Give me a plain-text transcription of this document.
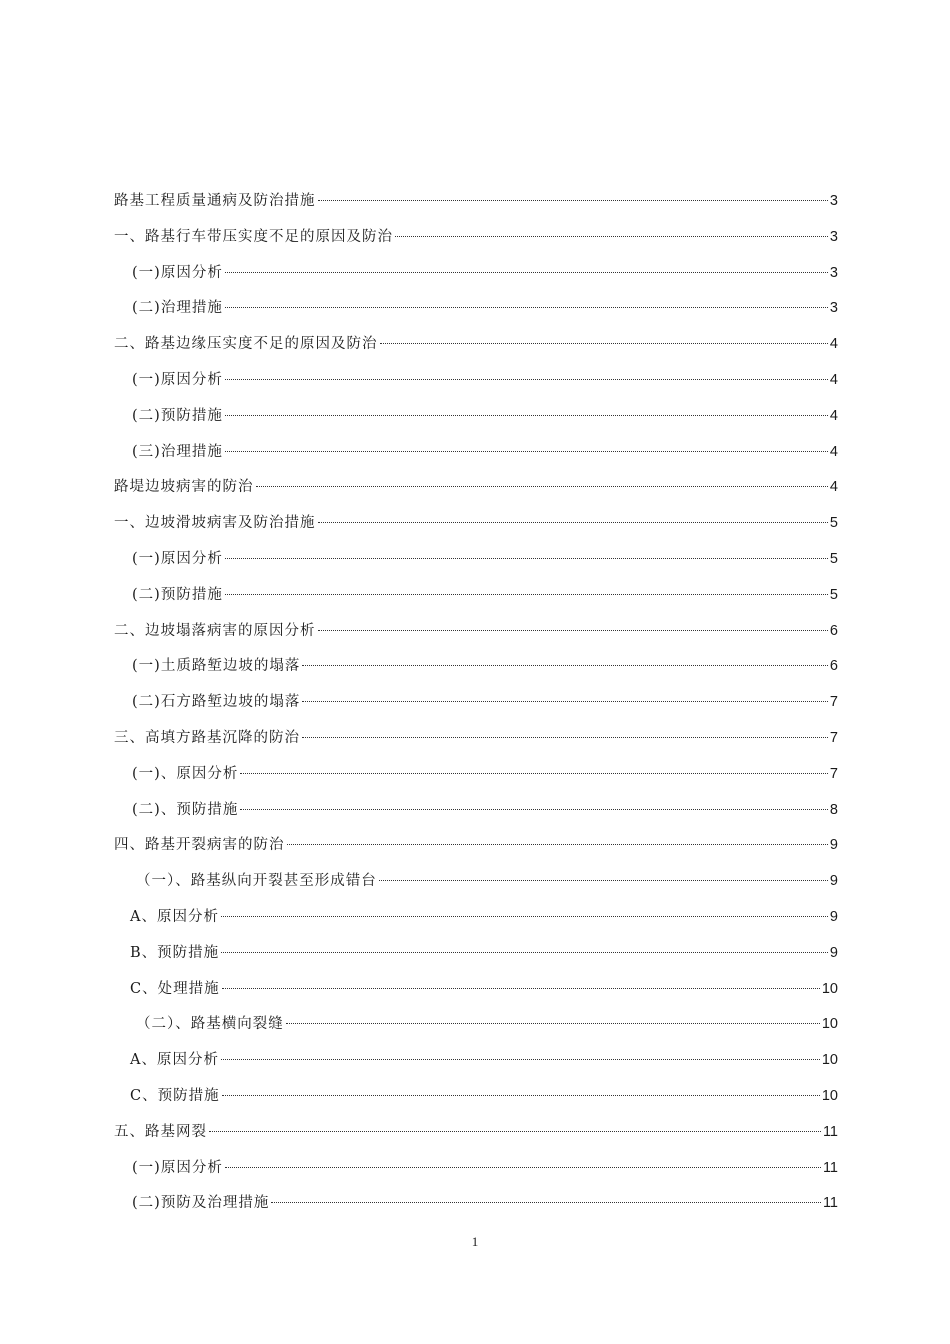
路基工程质量通病及防治措施	3
一、路基行车带压实度不足的原因及防治	3
(一)原因分析	3
(二)治理措施	3
二、路基边缘压实度不足的原因及防治	4
(一)原因分析	4
(二)预防措施	4
(三)治理措施	4
路堤边坡病害的防治	4
一、边坡滑坡病害及防治措施	5
(一)原因分析	5
(二)预防措施	5
二、边坡塌落病害的原因分析	6
(一)土质路堑边坡的塌落	6
(二)石方路堑边坡的塌落	7
三、高填方路基沉降的防治	7
(一)、原因分析	7
(二)、预防措施	8
四、路基开裂病害的防治	9
（一）、路基纵向开裂甚至形成错台	9
A、原因分析	9
B、预防措施	9
C、处理措施	10
（二）、路基横向裂缝	10
A、原因分析	10
C、预防措施	10
五、路基网裂	11
(一)原因分析	11
(二)预防及治理措施	11
1
